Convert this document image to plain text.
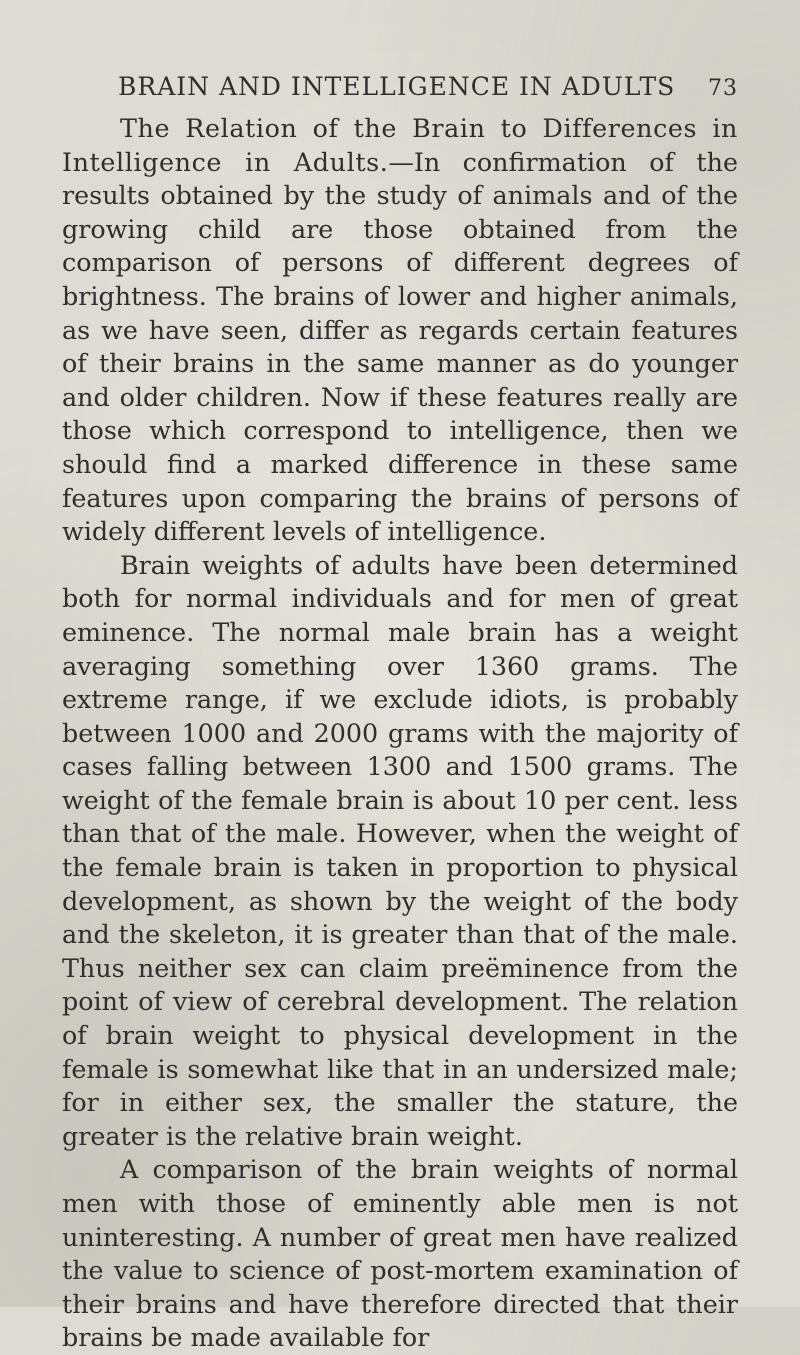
BRAIN AND INTELLIGENCE IN ADULTS 73

The Relation of the Brain to Differences in Intelligence in Adults.—In confirmation of the results obtained by the study of animals and of the growing child are those obtained from the comparison of persons of different degrees of brightness. The brains of lower and higher animals, as we have seen, differ as regards certain features of their brains in the same manner as do younger and older children. Now if these features really are those which correspond to intelligence, then we should find a marked difference in these same features upon comparing the brains of persons of widely different levels of intelligence.

Brain weights of adults have been determined both for normal individuals and for men of great eminence. The normal male brain has a weight averaging something over 1360 grams. The extreme range, if we exclude idiots, is probably between 1000 and 2000 grams with the majority of cases falling between 1300 and 1500 grams. The weight of the female brain is about 10 per cent. less than that of the male. However, when the weight of the female brain is taken in proportion to physical development, as shown by the weight of the body and the skeleton, it is greater than that of the male. Thus neither sex can claim preëminence from the point of view of cerebral development. The relation of brain weight to physical development in the female is somewhat like that in an undersized male; for in either sex, the smaller the stature, the greater is the relative brain weight.

A comparison of the brain weights of normal men with those of eminently able men is not uninteresting. A number of great men have realized the value to science of post-mortem examination of their brains and have therefore directed that their brains be made available for
